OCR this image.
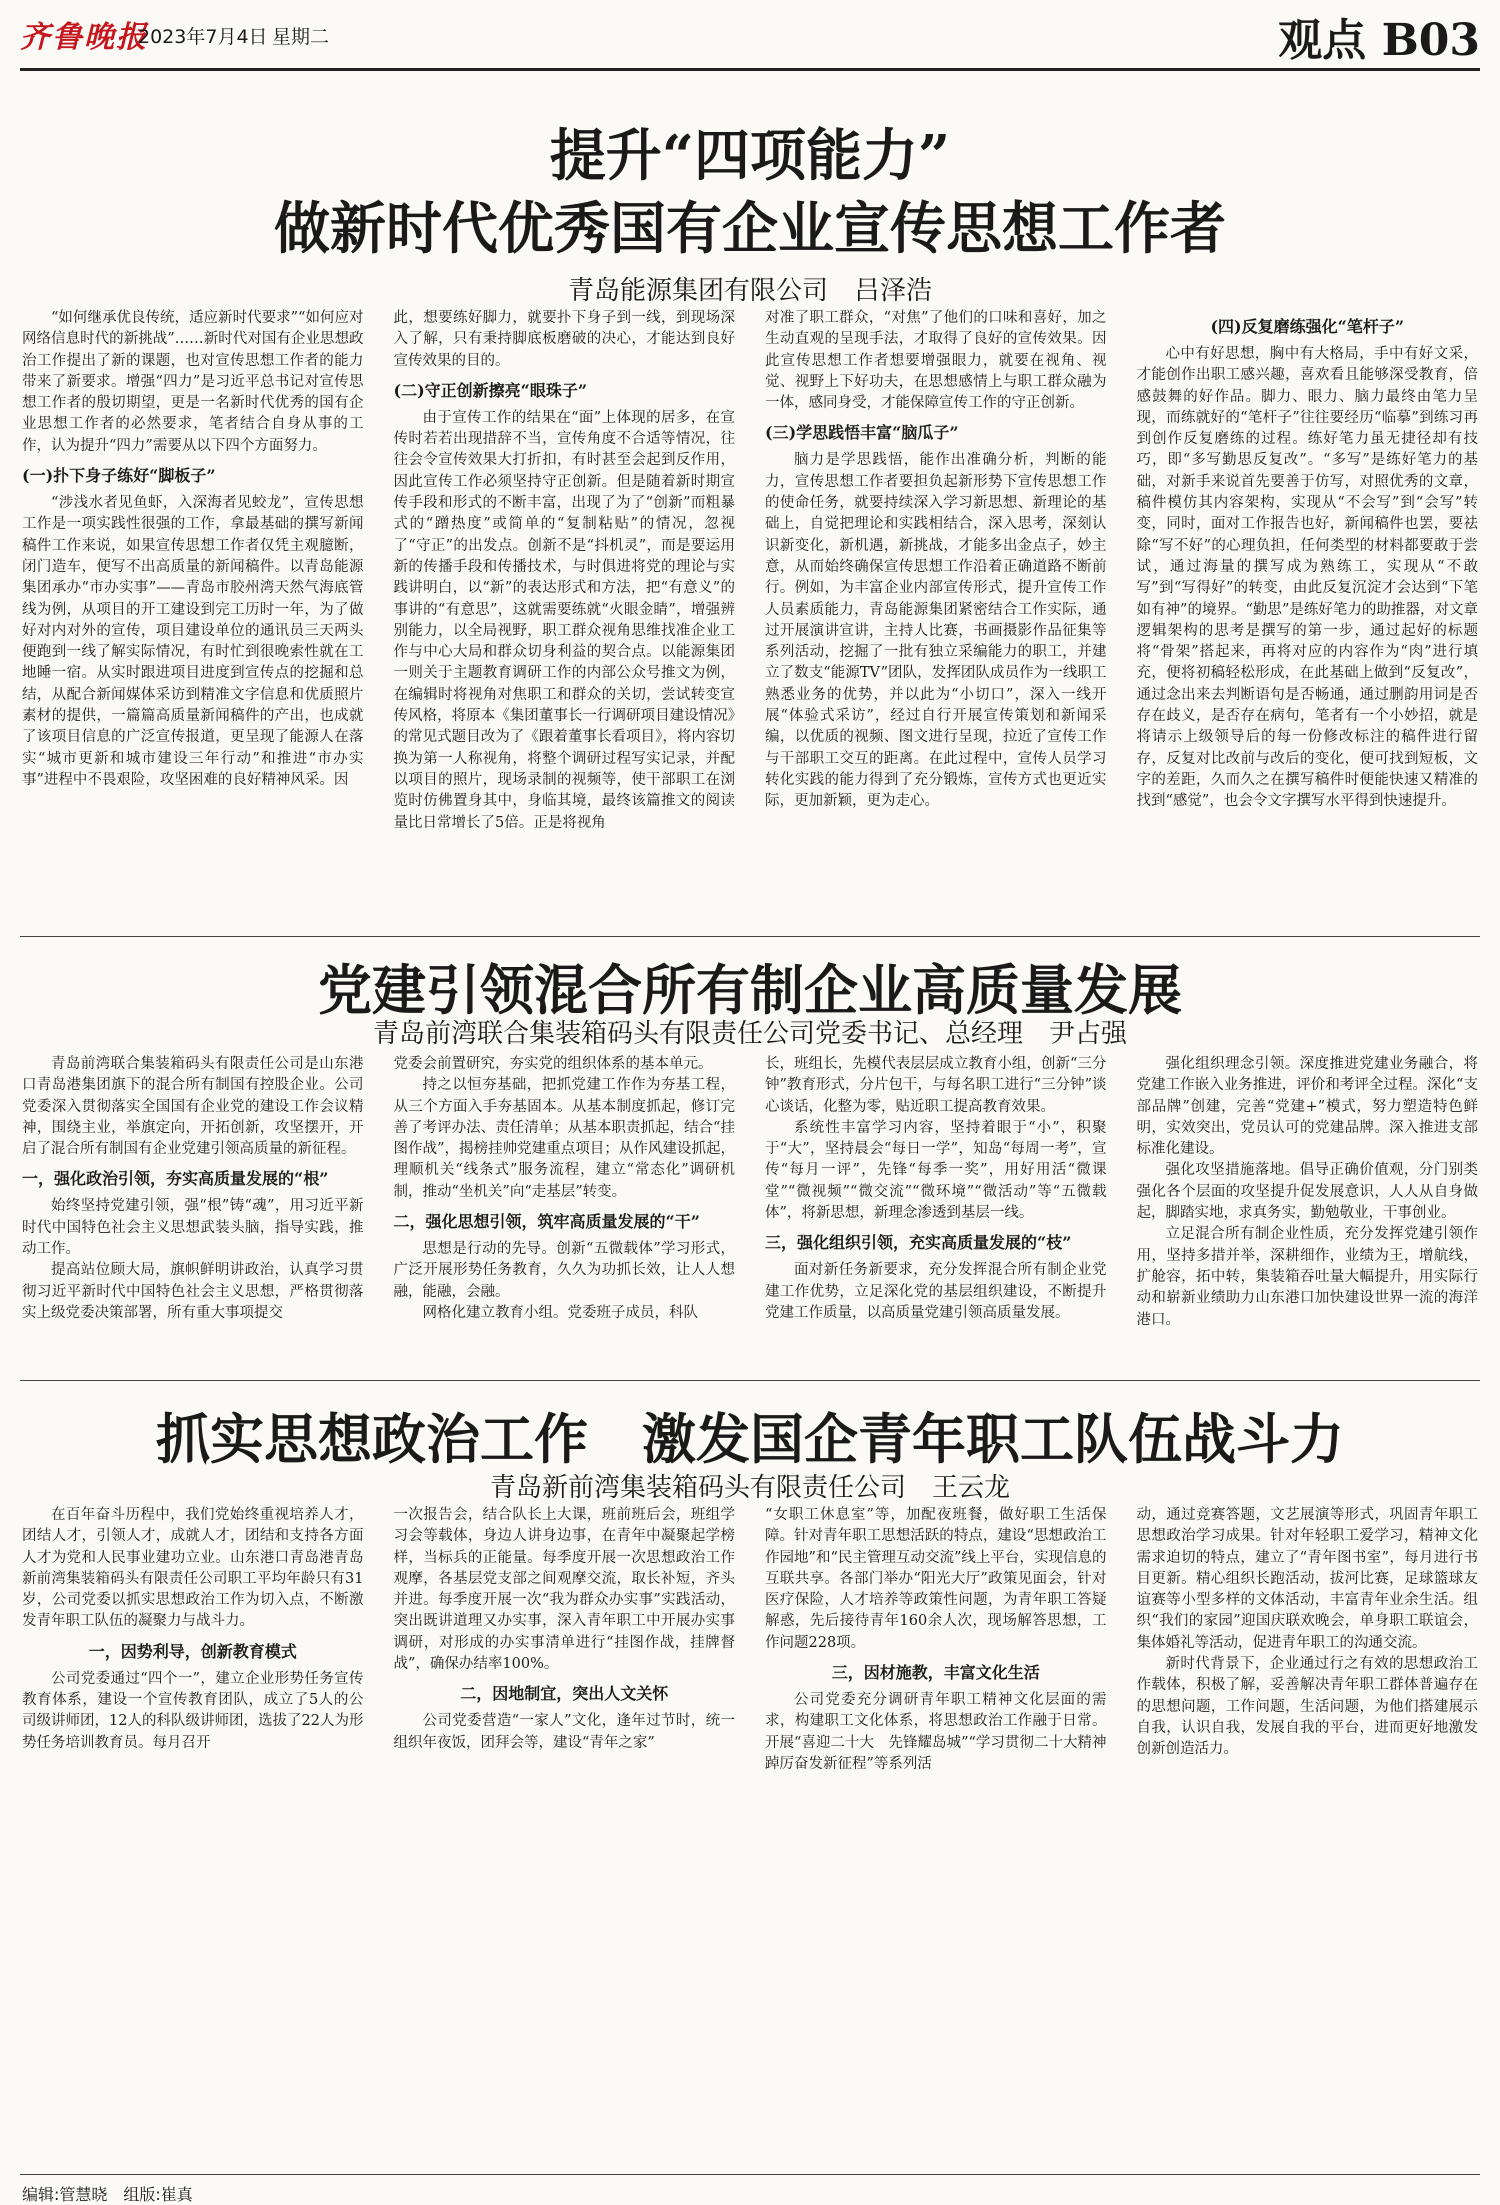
齐鲁晚报
2023年7月4日 星期二	观点 B03
提升“四项能力”
做新时代优秀国有企业宣传思想工作者
青岛能源集团有限公司　吕泽浩

“如何继承优良传统，适应新时代要求”“如何应对网络信息时代的新挑战”……新时代对国有企业思想政治工作提出了新的课题，也对宣传思想工作者的能力带来了新要求。增强“四力”是习近平总书记对宣传思想工作者的殷切期望，更是一名新时代优秀的国有企业思想工作者的必然要求，笔者结合自身从事的工作，认为提升“四力”需要从以下四个方面努力。

(一)扑下身子练好“脚板子”

“涉浅水者见鱼虾，入深海者见蛟龙”，宣传思想工作是一项实践性很强的工作，拿最基础的撰写新闻稿件工作来说，如果宣传思想工作者仅凭主观臆断，闭门造车，便写不出高质量的新闻稿件。以青岛能源集团承办“市办实事”——青岛市胶州湾天然气海底管线为例，从项目的开工建设到完工历时一年，为了做好对内对外的宣传，项目建设单位的通讯员三天两头便跑到一线了解实际情况，有时忙到很晚索性就在工地睡一宿。从实时跟进项目进度到宣传点的挖掘和总结，从配合新闻媒体采访到精准文字信息和优质照片素材的提供，一篇篇高质量新闻稿件的产出，也成就了该项目信息的广泛宣传报道，更呈现了能源人在落实“城市更新和城市建设三年行动”和推进“市办实事”进程中不畏艰险，攻坚困难的良好精神风采。因

此，想要练好脚力，就要扑下身子到一线，到现场深入了解，只有秉持脚底板磨破的决心，才能达到良好宣传效果的目的。

(二)守正创新擦亮“眼珠子”

由于宣传工作的结果在“面”上体现的居多，在宣传时若若出现措辞不当，宣传角度不合适等情况，往往会令宣传效果大打折扣，有时甚至会起到反作用，因此宣传工作必须坚持守正创新。但是随着新时期宣传手段和形式的不断丰富，出现了为了“创新”而粗暴式的“蹭热度”或简单的“复制粘贴”的情况，忽视了“守正”的出发点。创新不是“抖机灵”，而是要运用新的传播手段和传播技术，与时俱进将党的理论与实践讲明白，以“新”的表达形式和方法，把“有意义”的事讲的“有意思”，这就需要练就“火眼金睛”，增强辨别能力，以全局视野，职工群众视角思维找准企业工作与中心大局和群众切身利益的契合点。以能源集团一则关于主题教育调研工作的内部公众号推文为例，在编辑时将视角对焦职工和群众的关切，尝试转变宣传风格，将原本《集团董事长一行调研项目建设情况》的常见式题目改为了《跟着董事长看项目》，将内容切换为第一人称视角，将整个调研过程写实记录，并配以项目的照片，现场录制的视频等，使干部职工在浏览时仿佛置身其中，身临其境，最终该篇推文的阅读量比日常增长了5倍。正是将视角

对准了职工群众，“对焦”了他们的口味和喜好，加之生动直观的呈现手法，才取得了良好的宣传效果。因此宣传思想工作者想要增强眼力，就要在视角、视觉、视野上下好功夫，在思想感情上与职工群众融为一体，感同身受，才能保障宣传工作的守正创新。

(三)学思践悟丰富“脑瓜子”

脑力是学思践悟，能作出准确分析，判断的能力，宣传思想工作者要担负起新形势下宣传思想工作的使命任务，就要持续深入学习新思想、新理论的基础上，自觉把理论和实践相结合，深入思考，深刻认识新变化，新机遇，新挑战，才能多出金点子，妙主意，从而始终确保宣传思想工作沿着正确道路不断前行。例如，为丰富企业内部宣传形式，提升宣传工作人员素质能力，青岛能源集团紧密结合工作实际，通过开展演讲宣讲，主持人比赛，书画摄影作品征集等系列活动，挖掘了一批有独立采编能力的职工，并建立了数支“能源TV”团队，发挥团队成员作为一线职工熟悉业务的优势，并以此为“小切口”，深入一线开展“体验式采访”，经过自行开展宣传策划和新闻采编，以优质的视频、图文进行呈现，拉近了宣传工作与干部职工交互的距离。在此过程中，宣传人员学习转化实践的能力得到了充分锻炼，宣传方式也更近实际，更加新颖，更为走心。

(四)反复磨练强化“笔杆子”

心中有好思想，胸中有大格局，手中有好文采，才能创作出职工感兴趣，喜欢看且能够深受教育，倍感鼓舞的好作品。脚力、眼力、脑力最终由笔力呈现，而练就好的“笔杆子”往往要经历“临摹”到练习再到创作反复磨练的过程。练好笔力虽无捷径却有技巧，即“多写勤思反复改”。“多写”是练好笔力的基础，对新手来说首先要善于仿写，对照优秀的文章，稿件模仿其内容架构，实现从“不会写”到“会写”转变，同时，面对工作报告也好，新闻稿件也罢，要祛除“写不好”的心理负担，任何类型的材料都要敢于尝试，通过海量的撰写成为熟练工，实现从“不敢写”到“写得好”的转变，由此反复沉淀才会达到“下笔如有神”的境界。“勤思”是练好笔力的助推器，对文章逻辑架构的思考是撰写的第一步，通过起好的标题将“骨架”搭起来，再将对应的内容作为“肉”进行填充，便将初稿轻松形成，在此基础上做到“反复改”，通过念出来去判断语句是否畅通，通过删韵用词是否存在歧义，是否存在病句，笔者有一个小妙招，就是将请示上级领导后的每一份修改标注的稿件进行留存，反复对比改前与改后的变化，便可找到短板，文字的差距，久而久之在撰写稿件时便能快速又精准的找到“感觉”，也会令文字撰写水平得到快速提升。

党建引领混合所有制企业高质量发展
青岛前湾联合集装箱码头有限责任公司党委书记、总经理　尹占强

青岛前湾联合集装箱码头有限责任公司是山东港口青岛港集团旗下的混合所有制国有控股企业。公司党委深入贯彻落实全国国有企业党的建设工作会议精神，围绕主业，举旗定向，开拓创新，攻坚摆开，开启了混合所有制国有企业党建引领高质量的新征程。

一，强化政治引领，夯实高质量发展的“根”

始终坚持党建引领，强“根”铸“魂”，用习近平新时代中国特色社会主义思想武装头脑，指导实践，推动工作。

提高站位顾大局，旗帜鲜明讲政治，认真学习贯彻习近平新时代中国特色社会主义思想，严格贯彻落实上级党委决策部署，所有重大事项提交

党委会前置研究，夯实党的组织体系的基本单元。

持之以恒夯基础，把抓党建工作作为夯基工程，从三个方面入手夯基固本。从基本制度抓起，修订完善了考评办法、责任清单；从基本职责抓起，结合“挂图作战”，揭榜挂帅党建重点项目；从作风建设抓起，理顺机关“线条式”服务流程，建立“常态化”调研机制，推动“坐机关”向“走基层”转变。

二，强化思想引领，筑牢高质量发展的“干”

思想是行动的先导。创新“五微载体”学习形式，广泛开展形势任务教育，久久为功抓长效，让人人想融，能融，会融。

网格化建立教育小组。党委班子成员，科队

长，班组长，先模代表层层成立教育小组，创新“三分钟”教育形式，分片包干，与每名职工进行“三分钟”谈心谈话，化整为零，贴近职工提高教育效果。

系统性丰富学习内容，坚持着眼于“小”，积聚于“大”，坚持晨会“每日一学”，知岛“每周一考”，宣传“每月一评”，先锋“每季一奖”，用好用活“微课堂”“微视频”“微交流”“微环境”“微活动”等“五微载体”，将新思想，新理念渗透到基层一线。

三，强化组织引领，充实高质量发展的“枝”

面对新任务新要求，充分发挥混合所有制企业党建工作优势，立足深化党的基层组织建设，不断提升党建工作质量，以高质量党建引领高质量发展。

强化组织理念引领。深度推进党建业务融合，将党建工作嵌入业务推进，评价和考评全过程。深化“支部品牌”创建，完善“党建+”模式，努力塑造特色鲜明，实效突出，党员认可的党建品牌。深入推进支部标准化建设。

强化攻坚措施落地。倡导正确价值观，分门别类强化各个层面的攻坚提升促发展意识，人人从自身做起，脚踏实地，求真务实，勤勉敬业，干事创业。

立足混合所有制企业性质，充分发挥党建引领作用，坚持多措并举，深耕细作，业绩为王，增航线，扩舱容，拓中转，集装箱吞吐量大幅提升，用实际行动和崭新业绩助力山东港口加快建设世界一流的海洋港口。

抓实思想政治工作　激发国企青年职工队伍战斗力
青岛新前湾集装箱码头有限责任公司　王云龙

在百年奋斗历程中，我们党始终重视培养人才，团结人才，引领人才，成就人才，团结和支持各方面人才为党和人民事业建功立业。山东港口青岛港青岛新前湾集装箱码头有限责任公司职工平均年龄只有31岁，公司党委以抓实思想政治工作为切入点，不断激发青年职工队伍的凝聚力与战斗力。

一，因势利导，创新教育模式

公司党委通过“四个一”，建立企业形势任务宣传教育体系，建设一个宣传教育团队，成立了5人的公司级讲师团，12人的科队级讲师团，选拔了22人为形势任务培训教育员。每月召开

一次报告会，结合队长上大课，班前班后会，班组学习会等载体，身边人讲身边事，在青年中凝聚起学榜样，当标兵的正能量。每季度开展一次思想政治工作观摩，各基层党支部之间观摩交流，取长补短，齐头并进。每季度开展一次“我为群众办实事”实践活动，突出既讲道理又办实事，深入青年职工中开展办实事调研，对形成的办实事清单进行“挂图作战，挂牌督战”，确保办结率100%。

二，因地制宜，突出人文关怀

公司党委营造“一家人”文化，逢年过节时，统一组织年夜饭，团拜会等，建设“青年之家”

“女职工休息室”等，加配夜班餐，做好职工生活保障。针对青年职工思想活跃的特点，建设“思想政治工作园地”和“民主管理互动交流”线上平台，实现信息的互联共享。各部门举办“阳光大厅”政策见面会，针对医疗保险，人才培养等政策性问题，为青年职工答疑解惑，先后接待青年160余人次，现场解答思想，工作问题228项。

三，因材施教，丰富文化生活

公司党委充分调研青年职工精神文化层面的需求，构建职工文化体系，将思想政治工作融于日常。开展“喜迎二十大　先锋耀岛城”“学习贯彻二十大精神　踔厉奋发新征程”等系列活

动，通过竞赛答题，文艺展演等形式，巩固青年职工思想政治学习成果。针对年轻职工爱学习，精神文化需求迫切的特点，建立了“青年图书室”，每月进行书目更新。精心组织长跑活动，拔河比赛，足球篮球友谊赛等小型多样的文体活动，丰富青年业余生活。组织“我们的家园”迎国庆联欢晚会，单身职工联谊会，集体婚礼等活动，促进青年职工的沟通交流。

新时代背景下，企业通过行之有效的思想政治工作载体，积极了解，妥善解决青年职工群体普遍存在的思想问题，工作问题，生活问题，为他们搭建展示自我，认识自我，发展自我的平台，进而更好地激发创新创造活力。

编辑:管慧晓　组版:崔真
